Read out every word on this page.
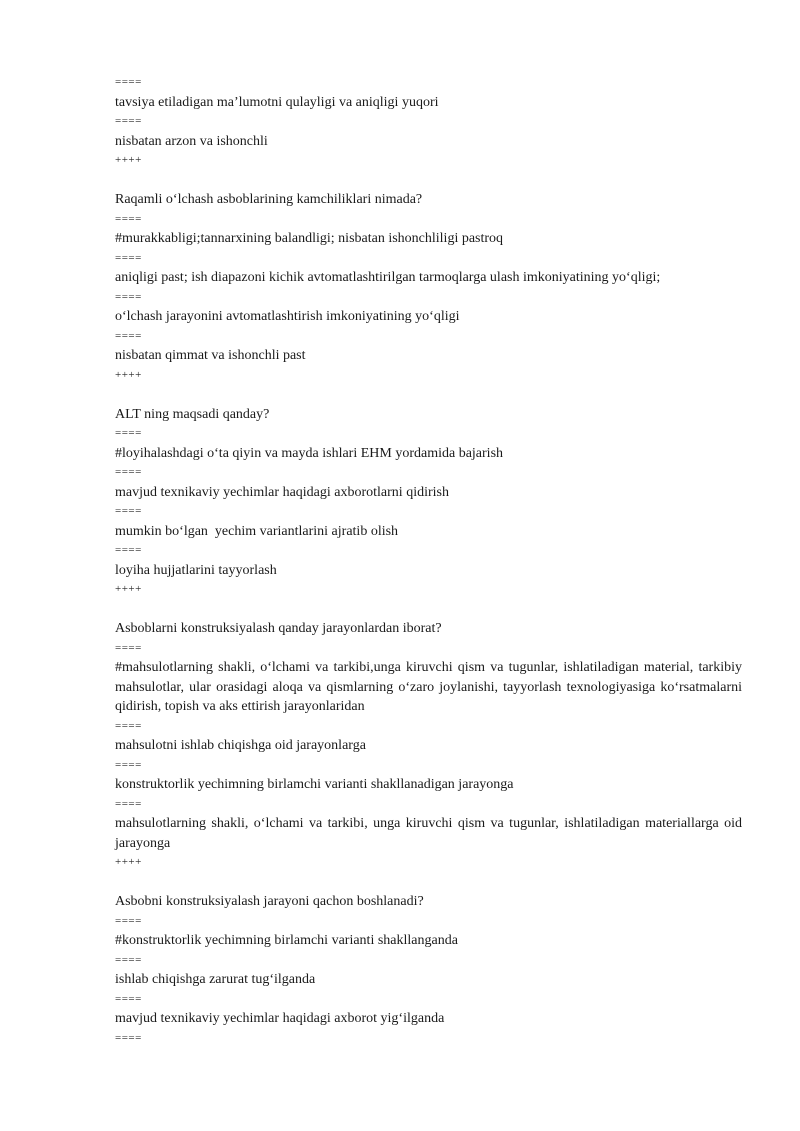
====
tavsiya etiladigan ma’lumotni qulayligi va aniqligi yuqori
====
nisbatan arzon va ishonchli
++++
Raqamli o‘lchash asboblarining kamchiliklari nimada?
====
#murakkabligi;tannarxining balandligi; nisbatan ishonchliligi pastroq
====
aniqligi past; ish diapazoni kichik avtomatlashtirilgan tarmoqlarga ulash imkoniyatining yo‘qligi;
====
o‘lchash jarayonini avtomatlashtirish imkoniyatining yo‘qligi
====
nisbatan qimmat va ishonchli past
++++
ALT ning maqsadi qanday?
====
#loyihalashdagi o‘ta qiyin va mayda ishlari EHM yordamida bajarish
====
mavjud texnikaviy yechimlar haqidagi axborotlarni qidirish
====
mumkin bo‘lgan  yechim variantlarini ajratib olish
====
loyiha hujjatlarini tayyorlash
++++
Asboblarni konstruksiyalash qanday jarayonlardan iborat?
====
#mahsulotlarning shakli, o‘lchami va tarkibi,unga kiruvchi qism va tugunlar, ishlatiladigan material, tarkibiy mahsulotlar, ular orasidagi aloqa va qismlarning o‘zaro joylanishi, tayyorlash texnologiyasiga ko‘rsatmalarni qidirish, topish va aks ettirish jarayonlaridan
====
mahsulotni ishlab chiqishga oid jarayonlarga
====
konstruktorlik yechimning birlamchi varianti shakllanadigan jarayonga
====
mahsulotlarning shakli, o‘lchami va tarkibi, unga kiruvchi qism va tugunlar, ishlatiladigan materiallarga oid jarayonga
++++
Asbobni konstruksiyalash jarayoni qachon boshlanadi?
====
#konstruktorlik yechimning birlamchi varianti shakllanganda
====
ishlab chiqishga zarurat tug‘ilganda
====
mavjud texnikaviy yechimlar haqidagi axborot yig‘ilganda
====
